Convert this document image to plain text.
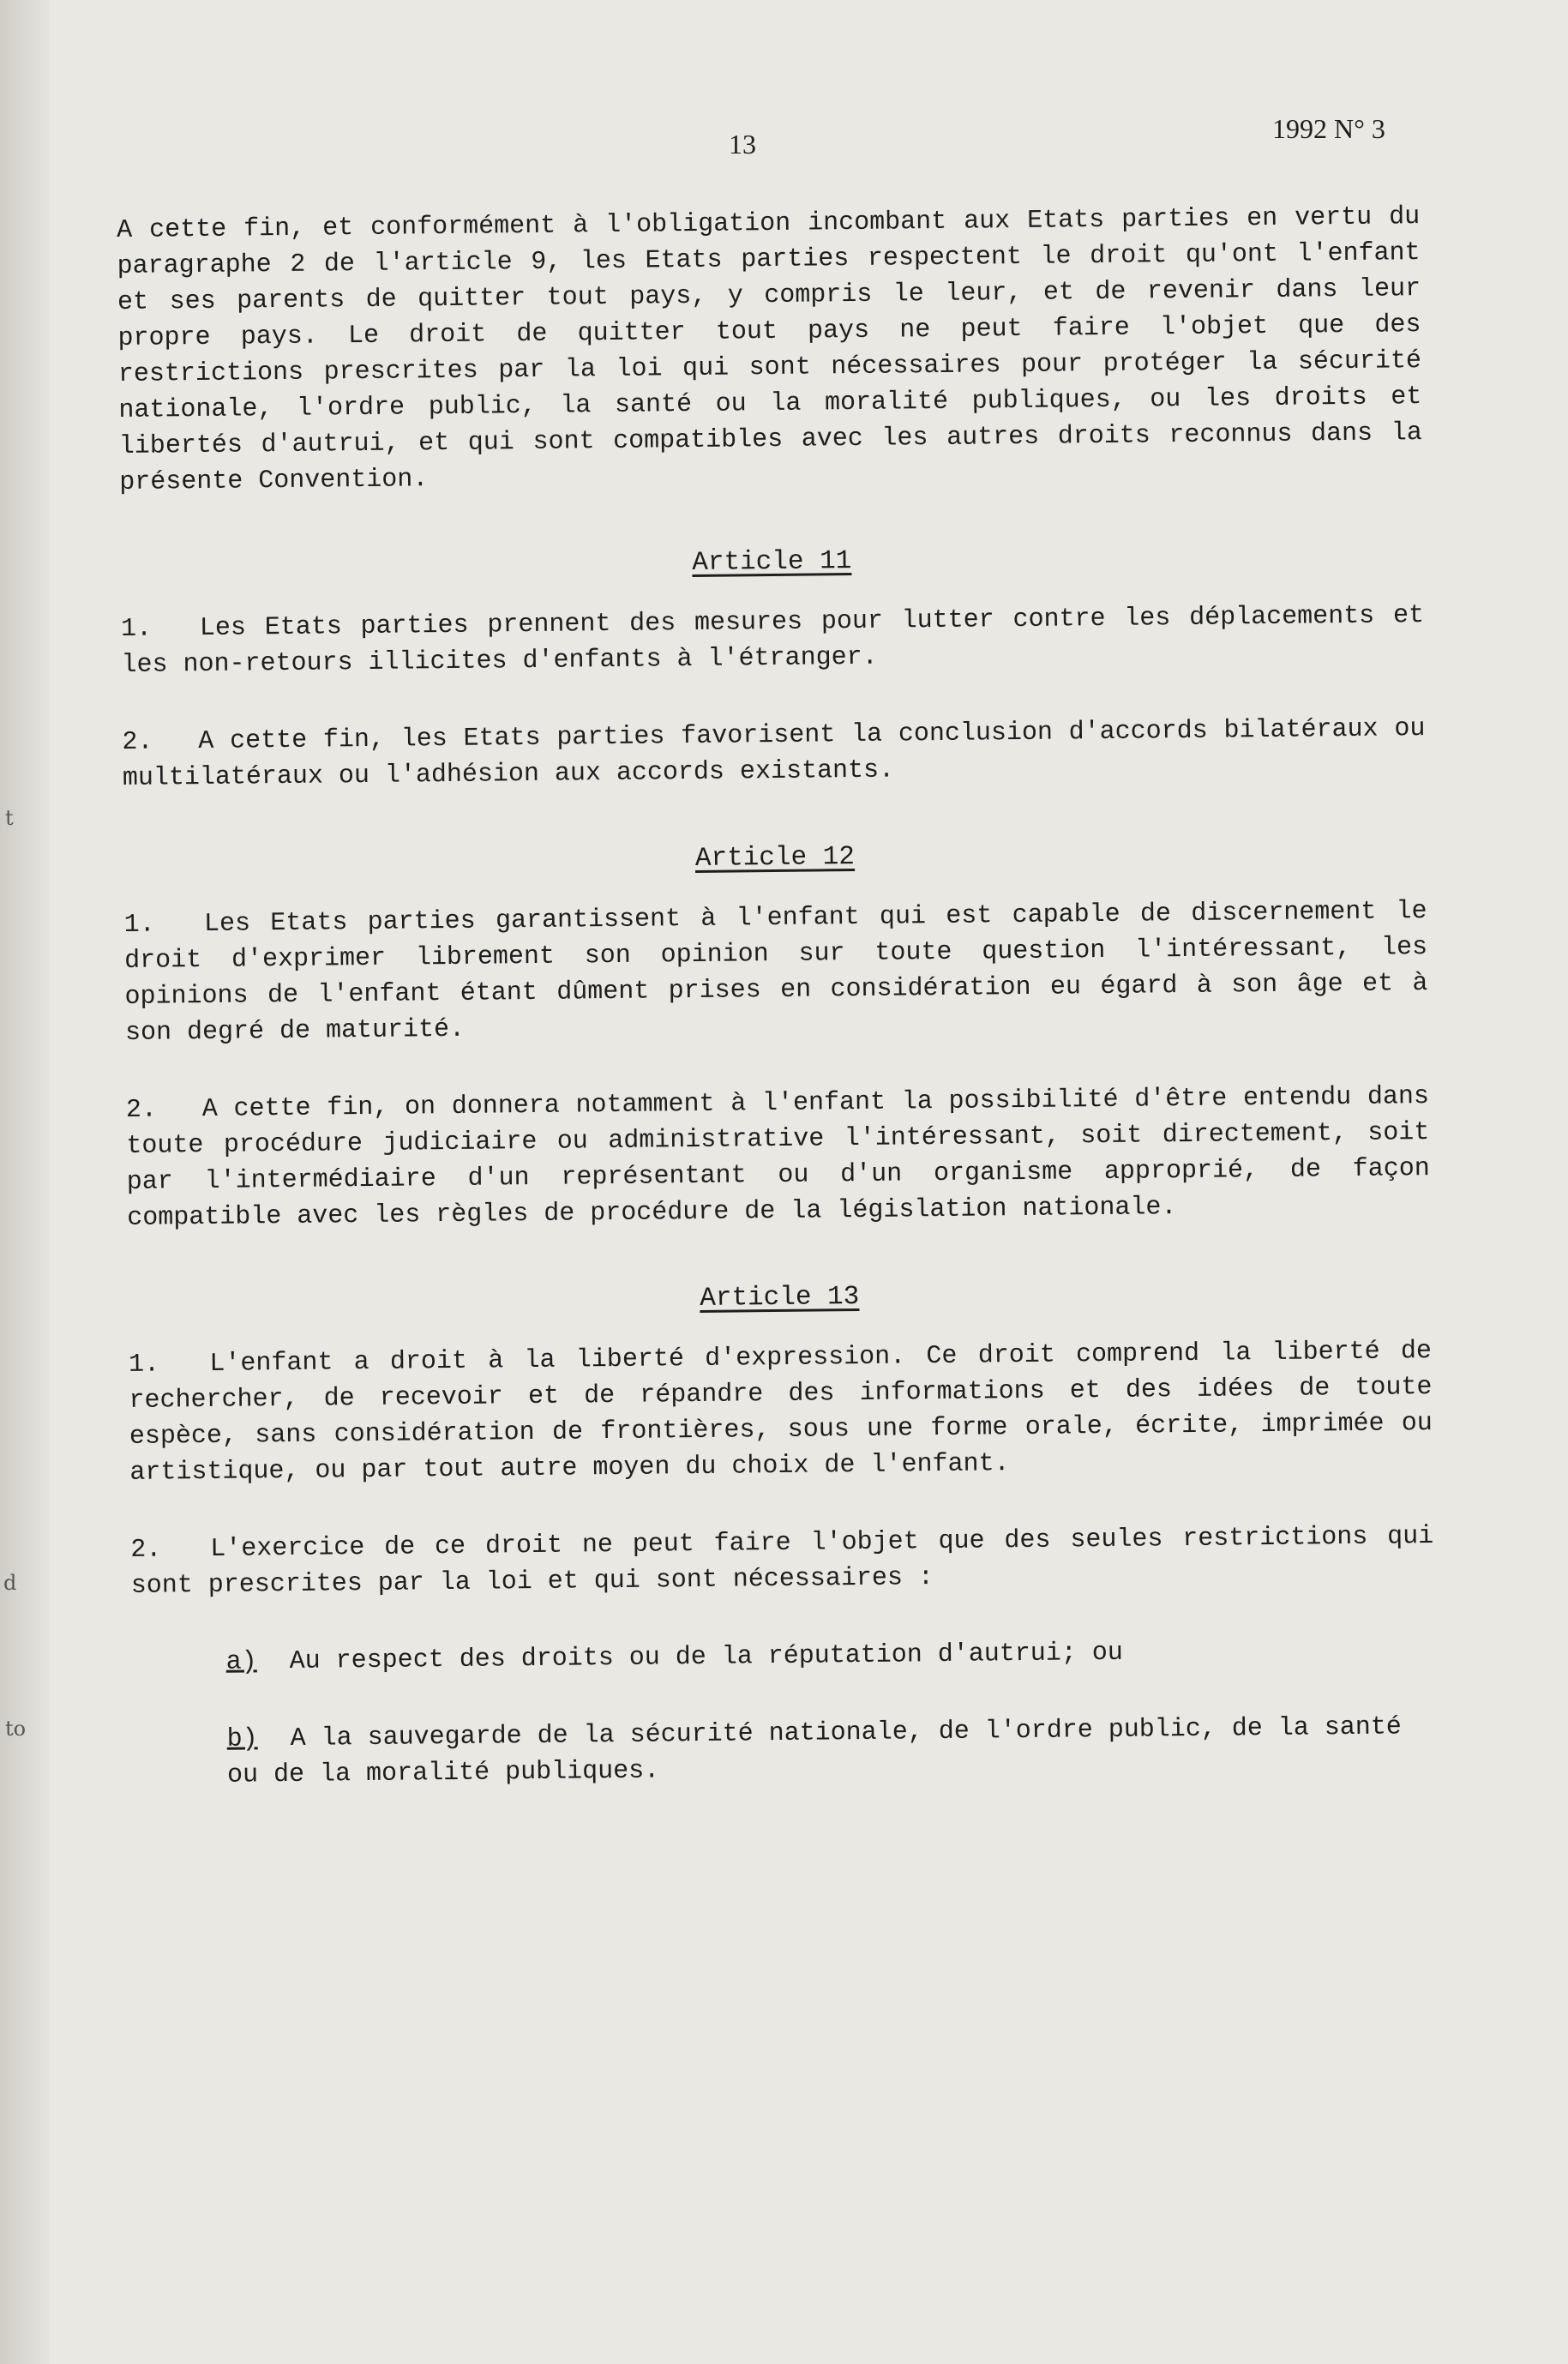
t
d
to
13	1992 N° 3

A cette fin, et conformément à l'obligation incombant aux Etats parties en vertu du paragraphe 2 de l'article 9, les Etats parties respectent le droit qu'ont l'enfant et ses parents de quitter tout pays, y compris le leur, et de revenir dans leur propre pays. Le droit de quitter tout pays ne peut faire l'objet que des restrictions prescrites par la loi qui sont nécessaires pour protéger la sécurité nationale, l'ordre public, la santé ou la moralité publiques, ou les droits et libertés d'autrui, et qui sont compatibles avec les autres droits reconnus dans la présente Convention.

Article 11

1. Les Etats parties prennent des mesures pour lutter contre les déplacements et les non-retours illicites d'enfants à l'étranger.

2. A cette fin, les Etats parties favorisent la conclusion d'accords bilatéraux ou multilatéraux ou l'adhésion aux accords existants.

Article 12

1. Les Etats parties garantissent à l'enfant qui est capable de discernement le droit d'exprimer librement son opinion sur toute question l'intéressant, les opinions de l'enfant étant dûment prises en considération eu égard à son âge et à son degré de maturité.

2. A cette fin, on donnera notamment à l'enfant la possibilité d'être entendu dans toute procédure judiciaire ou administrative l'intéressant, soit directement, soit par l'intermédiaire d'un représentant ou d'un organisme approprié, de façon compatible avec les règles de procédure de la législation nationale.

Article 13

1. L'enfant a droit à la liberté d'expression. Ce droit comprend la liberté de rechercher, de recevoir et de répandre des informations et des idées de toute espèce, sans considération de frontières, sous une forme orale, écrite, imprimée ou artistique, ou par tout autre moyen du choix de l'enfant.

2. L'exercice de ce droit ne peut faire l'objet que des seules restrictions qui sont prescrites par la loi et qui sont nécessaires :

a) Au respect des droits ou de la réputation d'autrui; ou

b) A la sauvegarde de la sécurité nationale, de l'ordre public, de la santé ou de la moralité publiques.
